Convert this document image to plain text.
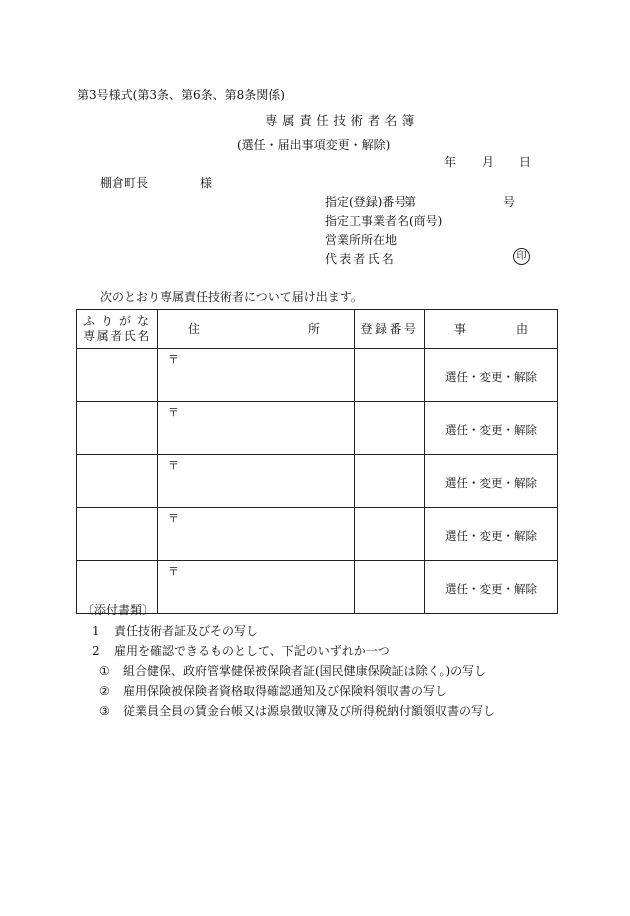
第3号様式(第3条、第6条、第8条関係)
専属責任技術者名簿
(選任・届出事項変更・解除)
年 月 日
棚倉町長	様
指定(登録)番号
第	号
指定工事業者名(商号)
営業所所在地
代表者氏名	印
次のとおり専属責任技術者について届け出ます。
ふりがな
専属者氏名	住 所	登録番号	事 由

	〒		選任・変更・解除

	〒		選任・変更・解除

	〒		選任・変更・解除

	〒		選任・変更・解除

	〒		選任・変更・解除
〔添付書類〕
1 責任技術者証及びその写し
2 雇用を確認できるものとして、下記のいずれか一つ
① 組合健保、政府管掌健保被保険者証(国民健康保険証は除く。)の写し
② 雇用保険被保険者資格取得確認通知及び保険料領収書の写し
③ 従業員全員の賃金台帳又は源泉徴収簿及び所得税納付額領収書の写し
